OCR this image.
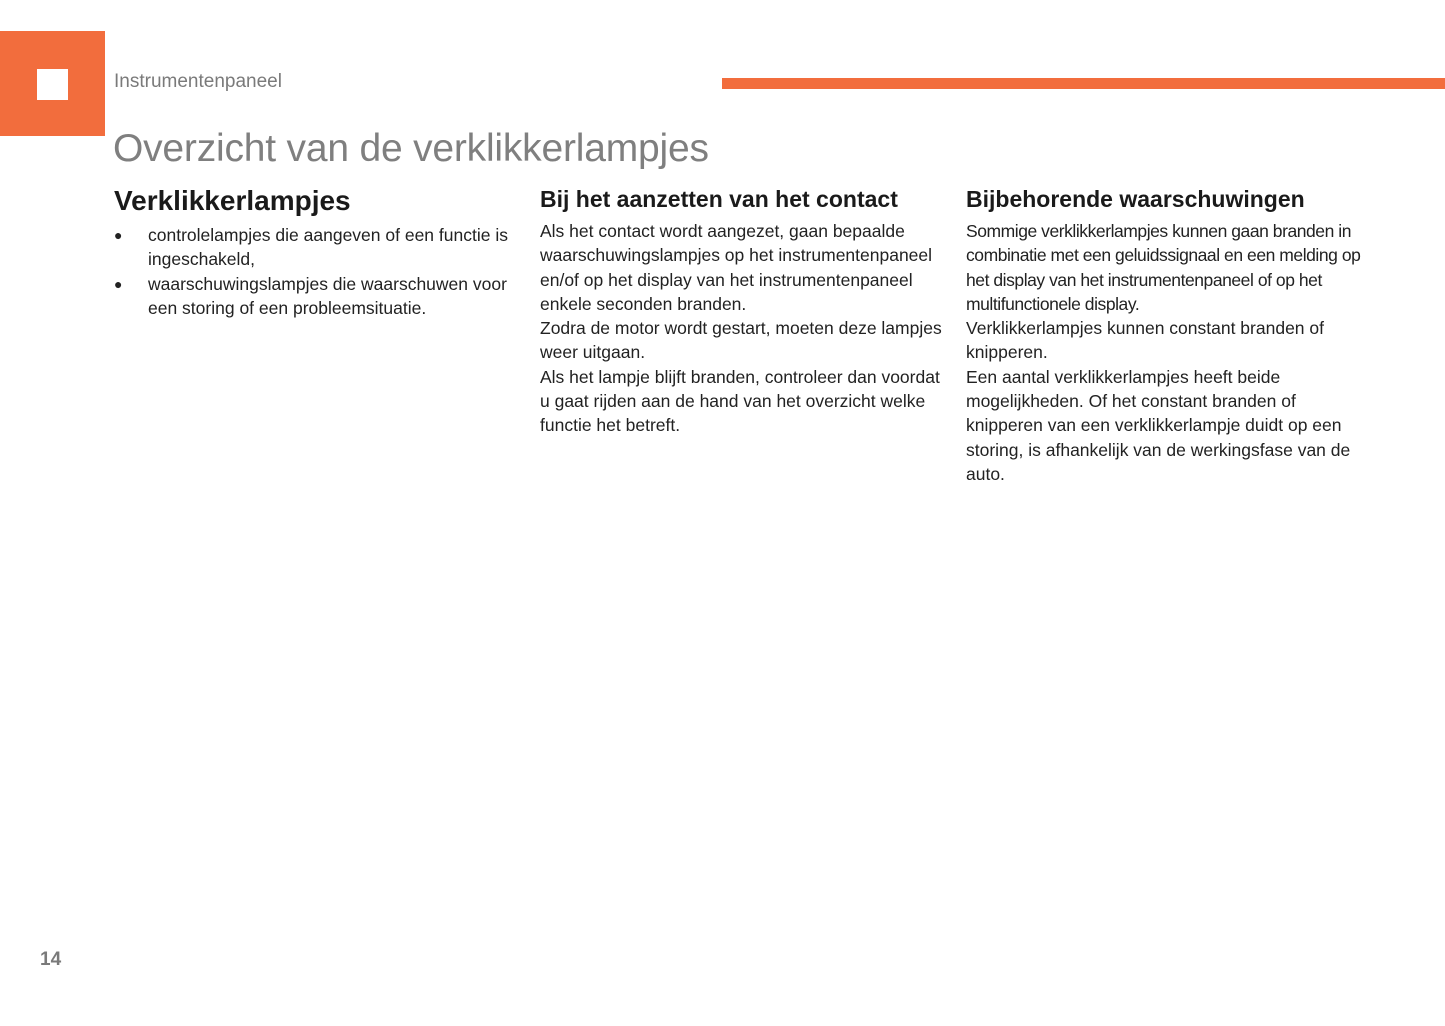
Instrumentenpaneel
Overzicht van de verklikkerlampjes
Verklikkerlampjes
● controlelampjes die aangeven of een functie is ingeschakeld,
● waarschuwingslampjes die waarschuwen voor een storing of een probleemsituatie.
Bij het aanzetten van het contact

Als het contact wordt aangezet, gaan bepaalde waarschuwingslampjes op het instrumentenpaneel en/of op het display van het instrumentenpaneel enkele seconden branden.

Zodra de motor wordt gestart, moeten deze lampjes weer uitgaan.

Als het lampje blijft branden, controleer dan voordat u gaat rijden aan de hand van het overzicht welke functie het betreft.

Bijbehorende waarschuwingen

Sommige verklikkerlampjes kunnen gaan branden in combinatie met een geluidssignaal en een melding op het display van het instrumentenpaneel of op het multifunctionele display.

Verklikkerlampjes kunnen constant branden of knipperen.

Een aantal verklikkerlampjes heeft beide mogelijkheden. Of het constant branden of knipperen van een verklikkerlampje duidt op een storing, is afhankelijk van de werkingsfase van de auto.

14
